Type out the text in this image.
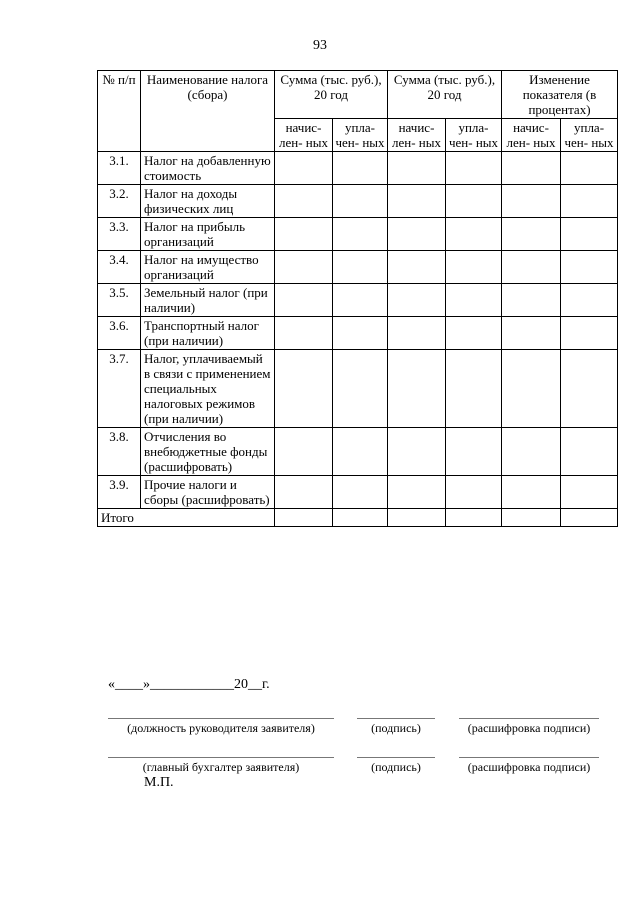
93
№ п/п	Наименование налога (сбора)	Сумма (тыс. руб.), 20 год		Сумма (тыс. руб.), 20 год		Изменение показателя (в процентах)	
		начис- лен- ных	упла- чен- ных	начис- лен- ных	упла- чен- ных	начис- лен- ных	упла- чен- ных
3.1.	Налог на добавленную стоимость						
3.2.	Налог на доходы физических лиц						
3.3.	Налог на прибыль организаций						
3.4.	Налог на имущество организаций						
3.5.	Земельный налог (при наличии)						
3.6.	Транспортный налог (при наличии)						
3.7.	Налог, уплачиваемый в связи с применением специальных налоговых режимов (при наличии)						
3.8.	Отчисления во внебюджетные фонды (расшифровать)						
3.9.	Прочие налоги и сборы (расшифровать)						
Итого							
«____»____________20__г.
(должность руководителя заявителя)	(подпись)	(расшифровка подписи)
(главный бухгалтер заявителя)	(подпись)	(расшифровка подписи)
М.П.
